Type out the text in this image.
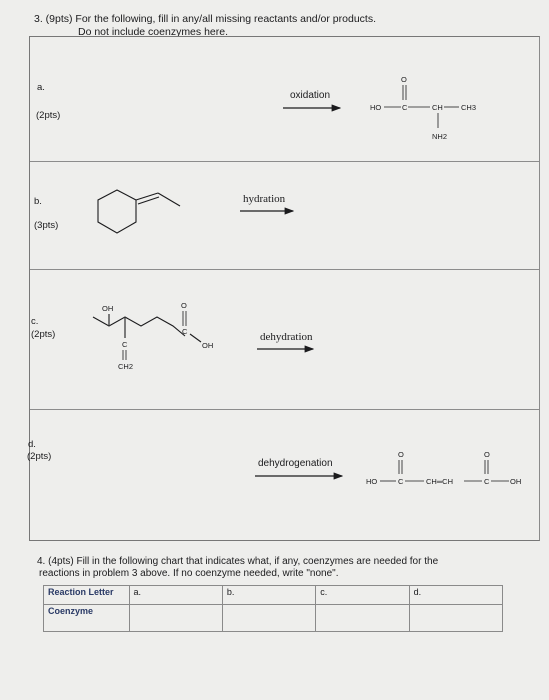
3. (9pts) For the following, fill in any/all missing reactants and/or products.
Do not include coenzymes here.
a.
(2pts)
oxidation
b.
(3pts)
hydration
c.
(2pts)	dehydration
d.
(2pts)
dehydrogenation
HO	C
O
CH CH3
NH2
OH
C
CH2
C
O
OH
HO	C
O
CH═CH	C
O
OH
4. (4pts) Fill in the following chart that indicates what, if any, coenzymes are needed for the
reactions in problem 3 above. If no coenzyme needed, write "none".
Reaction Letter	a.	b.	c.	d.
Coenzyme				
